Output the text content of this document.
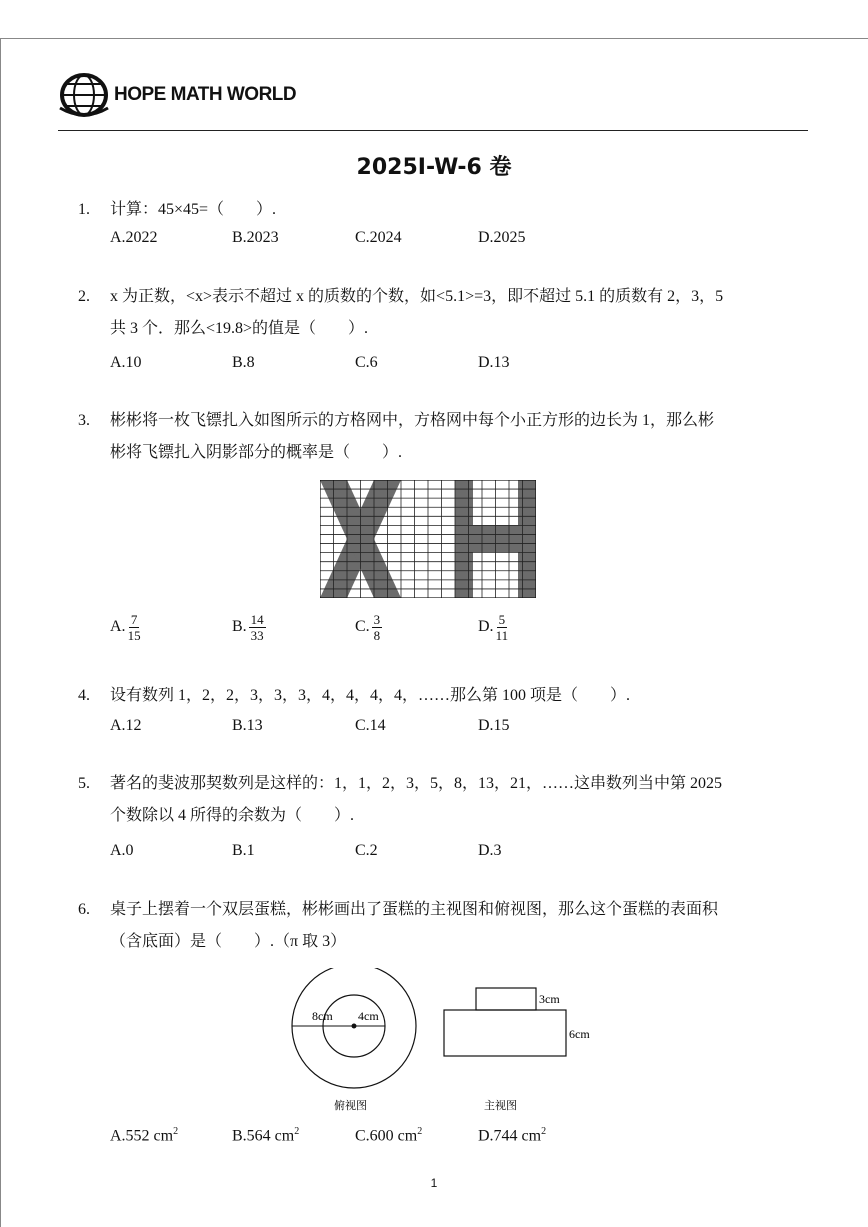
HOPE MATH WORLD
2025I-W-6 卷
1. 计算：45×45=（　　）.
A.2022	B.2023	C.2024	D.2025
2. x 为正数，<x>表示不超过 x 的质数的个数，如<5.1>=3，即不超过 5.1 的质数有 2，3，5
共 3 个．那么<19.8>的值是（　　）.
A.10	B.8	C.6	D.13
3. 彬彬将一枚飞镖扎入如图所示的方格网中，方格网中每个小正方形的边长为 1，那么彬
彬将飞镖扎入阴影部分的概率是（　　）.
A. $\frac{7}{15}$	B. $\frac{14}{33}$	C. $\frac{3}{8}$	D. $\frac{5}{11}$
4. 设有数列 1，2，2，3，3，3，4，4，4，4，……那么第 100 项是（　　）.
A.12	B.13	C.14	D.15
5. 著名的斐波那契数列是这样的：1，1，2，3，5，8，13，21，……这串数列当中第 2025
个数除以 4 所得的余数为（　　）.
A.0	B.1	C.2	D.3
6. 桌子上摆着一个双层蛋糕，彬彬画出了蛋糕的主视图和俯视图，那么这个蛋糕的表面积
（含底面）是（　　）.（π 取 3）
8cm 4cm
俯视图
3cm
6cm
主视图
A.552 $cm^2$	B.564 $cm^2$	C.600 $cm^2$	D.744 $cm^2$
1
